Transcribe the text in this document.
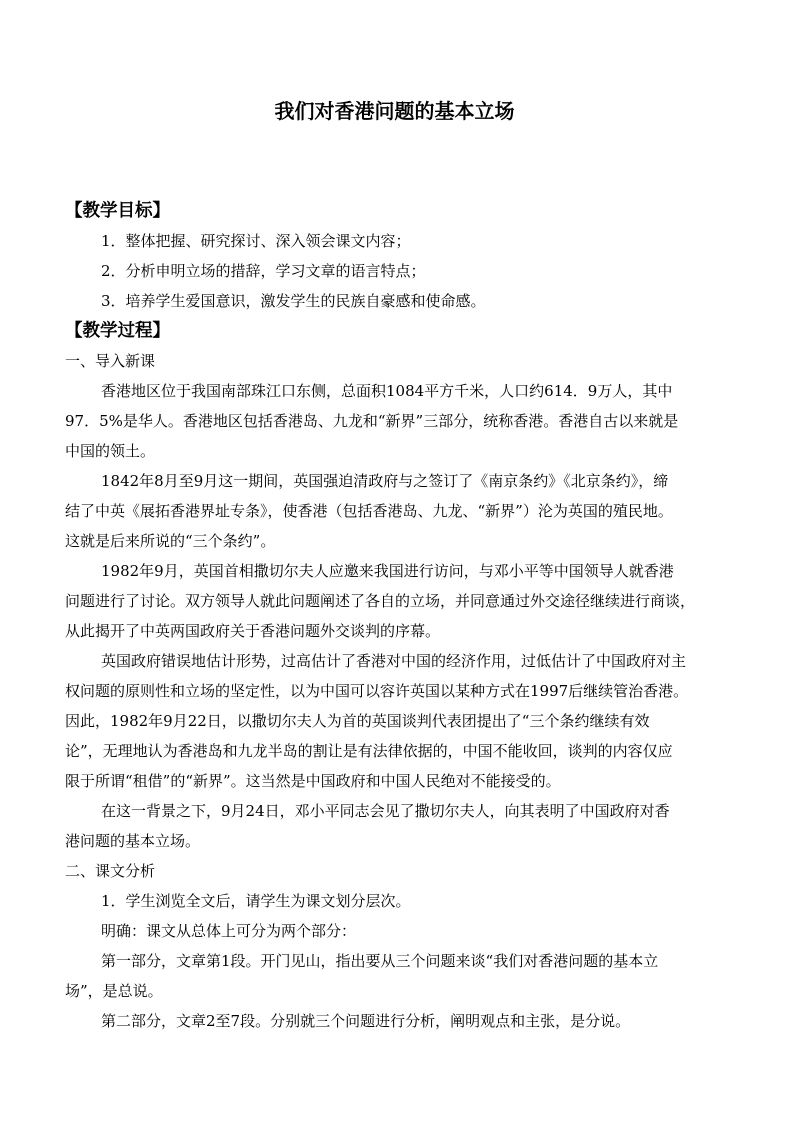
我们对香港问题的基本立场
【教学目标】
1．整体把握、研究探讨、深入领会课文内容；
2．分析申明立场的措辞，学习文章的语言特点；
3．培养学生爱国意识，激发学生的民族自豪感和使命感。
【教学过程】
一、导入新课
香港地区位于我国南部珠江口东侧，总面积1084平方千米，人口约614．9万人，其中
97．5%是华人。香港地区包括香港岛、九龙和“新界”三部分，统称香港。香港自古以来就是
中国的领土。
1842年8月至9月这一期间，英国强迫清政府与之签订了《南京条约》《北京条约》，缔
结了中英《展拓香港界址专条》，使香港（包括香港岛、九龙、“新界”）沦为英国的殖民地。
这就是后来所说的“三个条约”。
1982年9月，英国首相撒切尔夫人应邀来我国进行访问，与邓小平等中国领导人就香港
问题进行了讨论。双方领导人就此问题阐述了各自的立场，并同意通过外交途径继续进行商谈，
从此揭开了中英两国政府关于香港问题外交谈判的序幕。
英国政府错误地估计形势，过高估计了香港对中国的经济作用，过低估计了中国政府对主
权问题的原则性和立场的坚定性，以为中国可以容许英国以某种方式在1997后继续管治香港。
因此，1982年9月22日，以撒切尔夫人为首的英国谈判代表团提出了“三个条约继续有效
论”，无理地认为香港岛和九龙半岛的割让是有法律依据的，中国不能收回，谈判的内容仅应
限于所谓“租借”的“新界”。这当然是中国政府和中国人民绝对不能接受的。
在这一背景之下，9月24日，邓小平同志会见了撒切尔夫人，向其表明了中国政府对香
港问题的基本立场。
二、课文分析
1．学生浏览全文后，请学生为课文划分层次。
明确：课文从总体上可分为两个部分：
第一部分，文章第1段。开门见山，指出要从三个问题来谈“我们对香港问题的基本立
场”，是总说。
第二部分，文章2至7段。分别就三个问题进行分析，阐明观点和主张，是分说。
